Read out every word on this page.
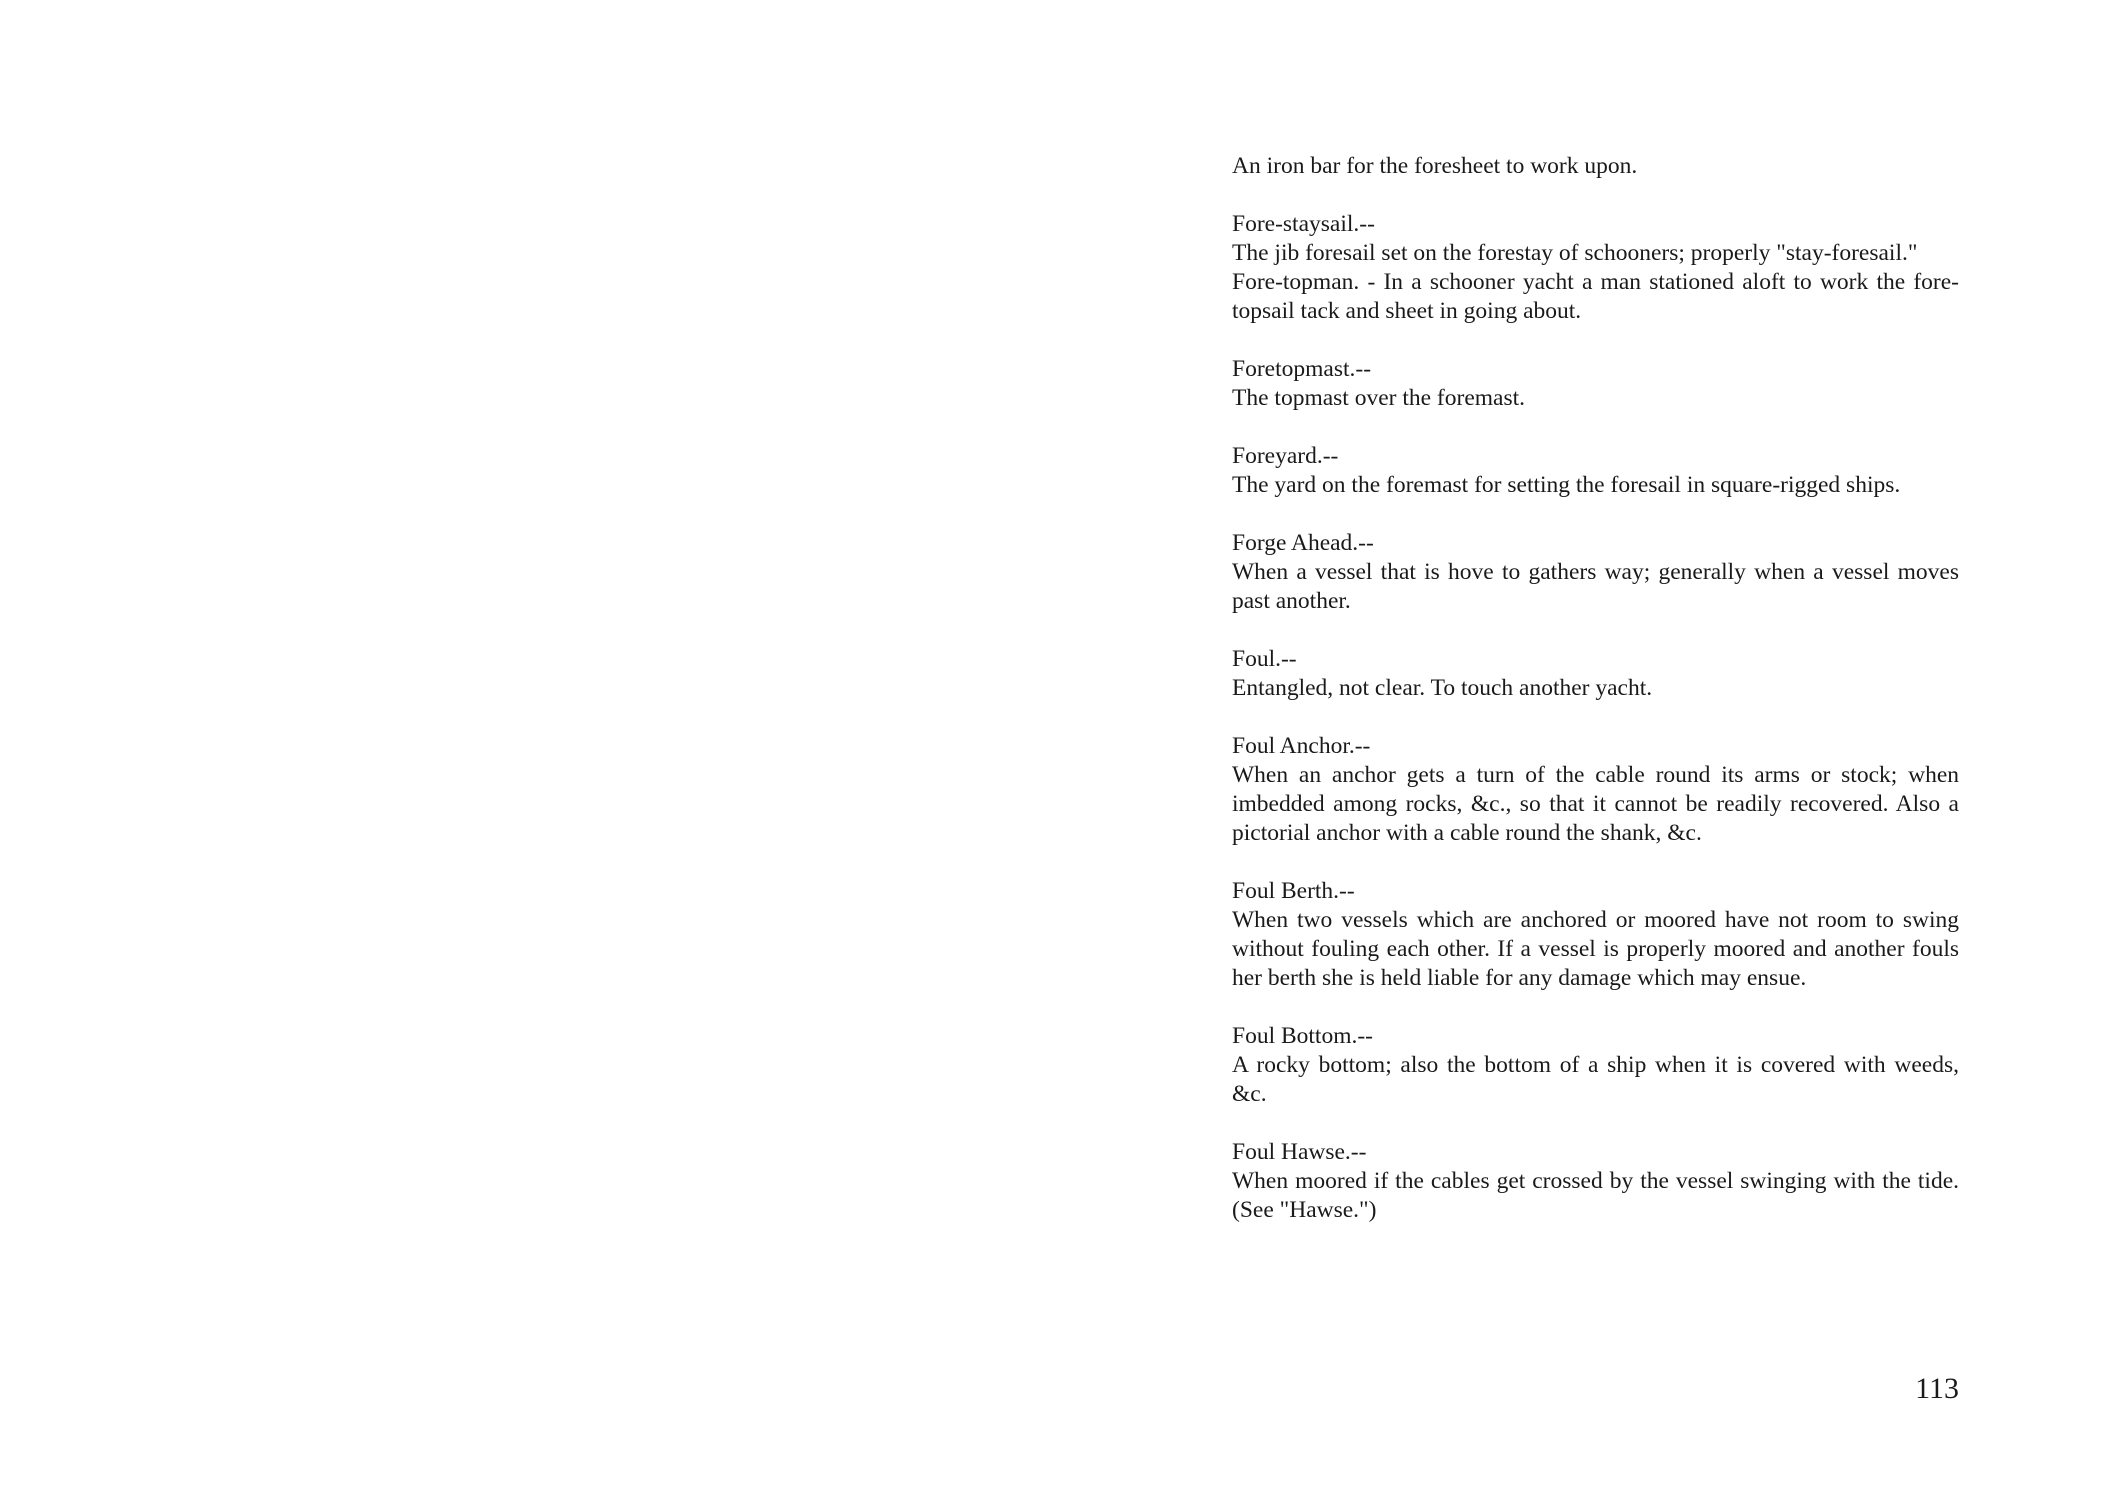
An iron bar for the foresheet to work upon.

Fore-staysail.--

The jib foresail set on the forestay of schooners; properly "stay-foresail."

Fore-topman. - In a schooner yacht a man stationed aloft to work the fore-topsail tack and sheet in going about.

Foretopmast.--

The topmast over the foremast.

Foreyard.--

The yard on the foremast for setting the foresail in square-rigged ships.

Forge Ahead.--

When a vessel that is hove to gathers way; generally when a vessel moves past another.

Foul.--

Entangled, not clear. To touch another yacht.

Foul Anchor.--

When an anchor gets a turn of the cable round its arms or stock; when imbedded among rocks, &c., so that it cannot be readily recovered. Also a pictorial anchor with a cable round the shank, &c.

Foul Berth.--

When two vessels which are anchored or moored have not room to swing without fouling each other. If a vessel is properly moored and another fouls her berth she is held liable for any damage which may ensue.

Foul Bottom.--

A rocky bottom; also the bottom of a ship when it is covered with weeds, &c.

Foul Hawse.--

When moored if the cables get crossed by the vessel swinging with the tide. (See "Hawse.")

113
